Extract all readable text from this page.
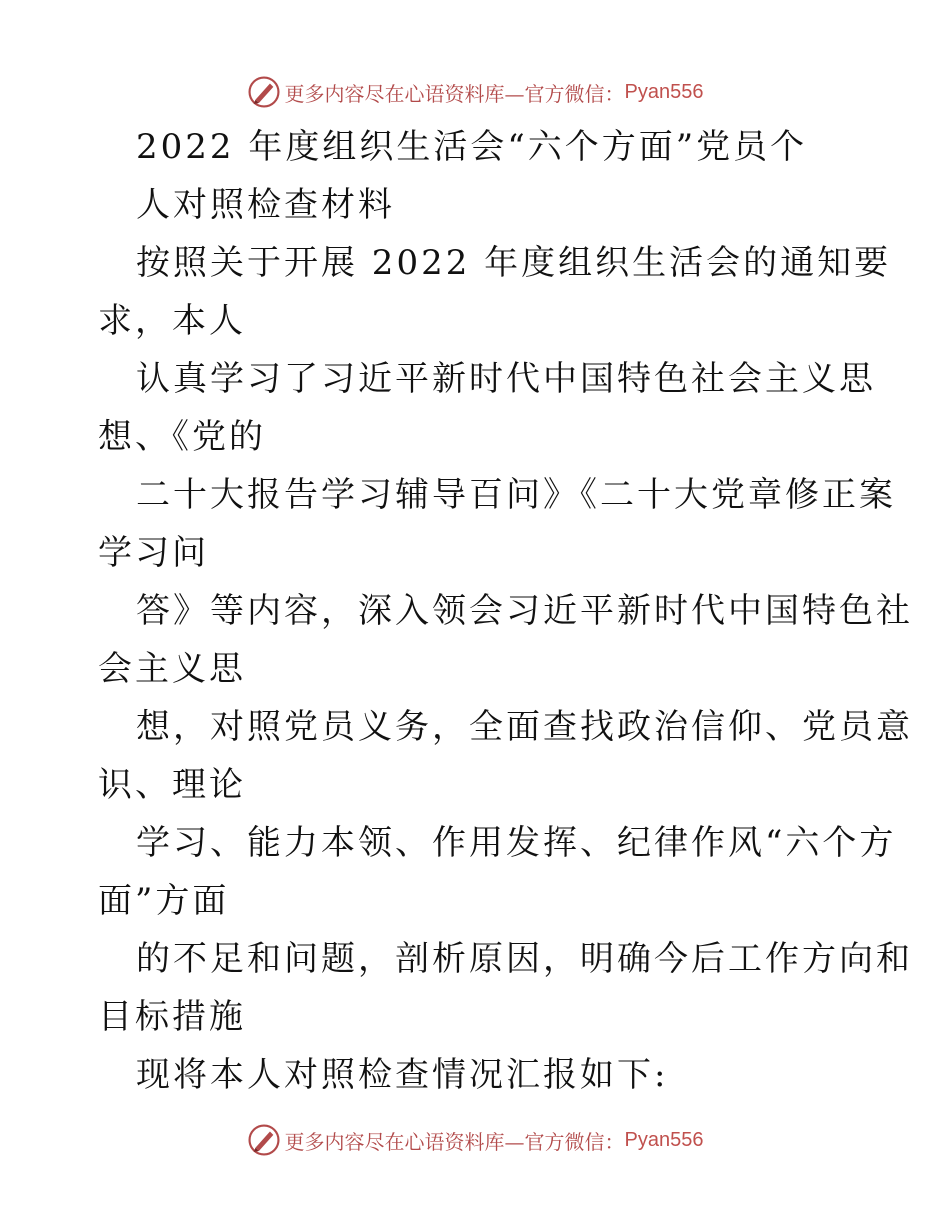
更多内容尽在心语资料库—官方微信： Pyan556
2022 年度组织生活会“六个方面”党员个
人对照检查材料
按照关于开展 2022 年度组织生活会的通知要
求，本人
认真学习了习近平新时代中国特色社会主义思
想、《党的
二十大报告学习辅导百问》《二十大党章修正案
学习问
答》等内容，深入领会习近平新时代中国特色社
会主义思
想，对照党员义务，全面查找政治信仰、党员意
识、理论
学习、能力本领、作用发挥、纪律作风“六个方
面”方面
的不足和问题，剖析原因，明确今后工作方向和
目标措施
现将本人对照检查情况汇报如下:
更多内容尽在心语资料库—官方微信： Pyan556
